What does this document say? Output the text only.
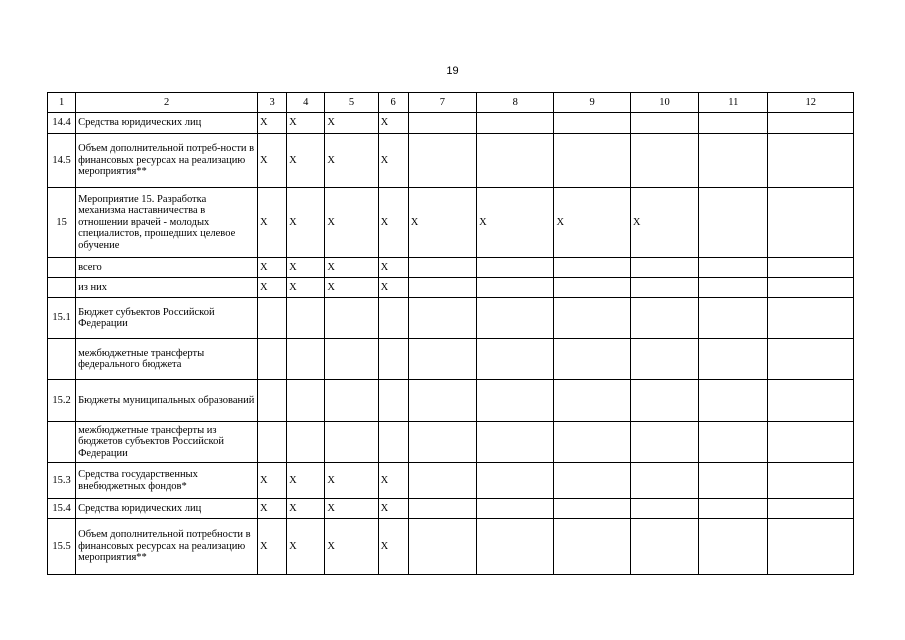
19
1	2	3	4	5	6	7	8	9	10	11	12
14.4	Средства юридических лиц	X	X	X	X						
14.5	Объем дополнительной потреб-ности в финансовых ресурсах на реализацию мероприятия**	X	X	X	X						
15	Мероприятие 15. Разработка механизма наставничества в отношении врачей - молодых специалистов, прошедших целевое обучение	X	X	X	X	X	X	X	X		
	всего	X	X	X	X						
	из них	X	X	X	X						
15.1	Бюджет субъектов Российской Федерации										
	межбюджетные трансферты федерального бюджета										
15.2	Бюджеты муниципальных образований										
	межбюджетные трансферты из бюджетов субъектов Российской Федерации										
15.3	Средства государственных внебюджетных фондов*	X	X	X	X						
15.4	Средства юридических лиц	X	X	X	X						
15.5	Объем дополнительной потребности в финансовых ресурсах на реализацию мероприятия**	X	X	X	X						
